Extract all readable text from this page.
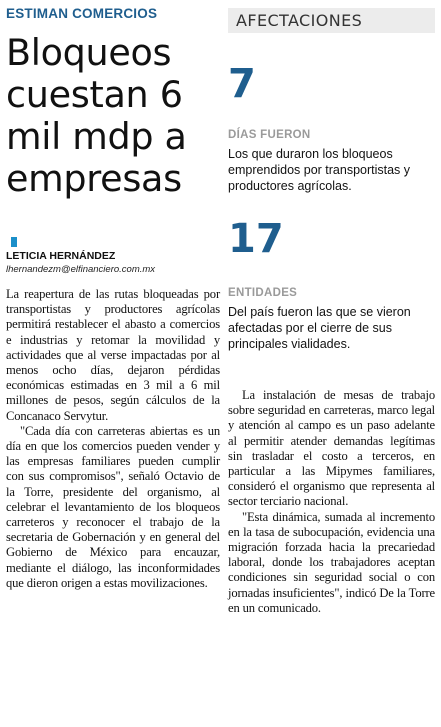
ESTIMAN COMERCIOS
Bloqueos cuestan 6 mil mdp a empresas
LETICIA HERNÁNDEZ
lhernandezm@elfinanciero.com.mx

La reapertura de las rutas bloqueadas por transportistas y productores agrícolas permitirá restablecer el abasto a comercios e industrias y retomar la movilidad y actividades que al verse impactadas por al menos ocho días, dejaron pérdidas económicas estimadas en 3 mil a 6 mil millones de pesos, según cálculos de la Concanaco Servytur.

"Cada día con carreteras abiertas es un día en que los comercios pueden vender y las empresas familiares pueden cumplir con sus compromisos", señaló Octavio de la Torre, presidente del organismo, al celebrar el levantamiento de los bloqueos carreteros y reconocer el trabajo de la secretaria de Gobernación y en general del Gobierno de México para encauzar, mediante el diálogo, las inconformidades que dieron origen a estas movilizaciones.

AFECTACIONES
7
DÍAS FUERON
Los que duraron los bloqueos emprendidos por transportistas y productores agrícolas.
17
ENTIDADES
Del país fueron las que se vieron afectadas por el cierre de sus principales vialidades.

La instalación de mesas de trabajo sobre seguridad en carreteras, marco legal y atención al campo es un paso adelante al permitir atender demandas legítimas sin trasladar el costo a terceros, en particular a las Mipymes familiares, consideró el organismo que representa al sector terciario nacional.

"Esta dinámica, sumada al incremento en la tasa de subocupación, evidencia una migración forzada hacia la precariedad laboral, donde los trabajadores aceptan condiciones sin seguridad social o con jornadas insuficientes", indicó De la Torre en un comunicado.
